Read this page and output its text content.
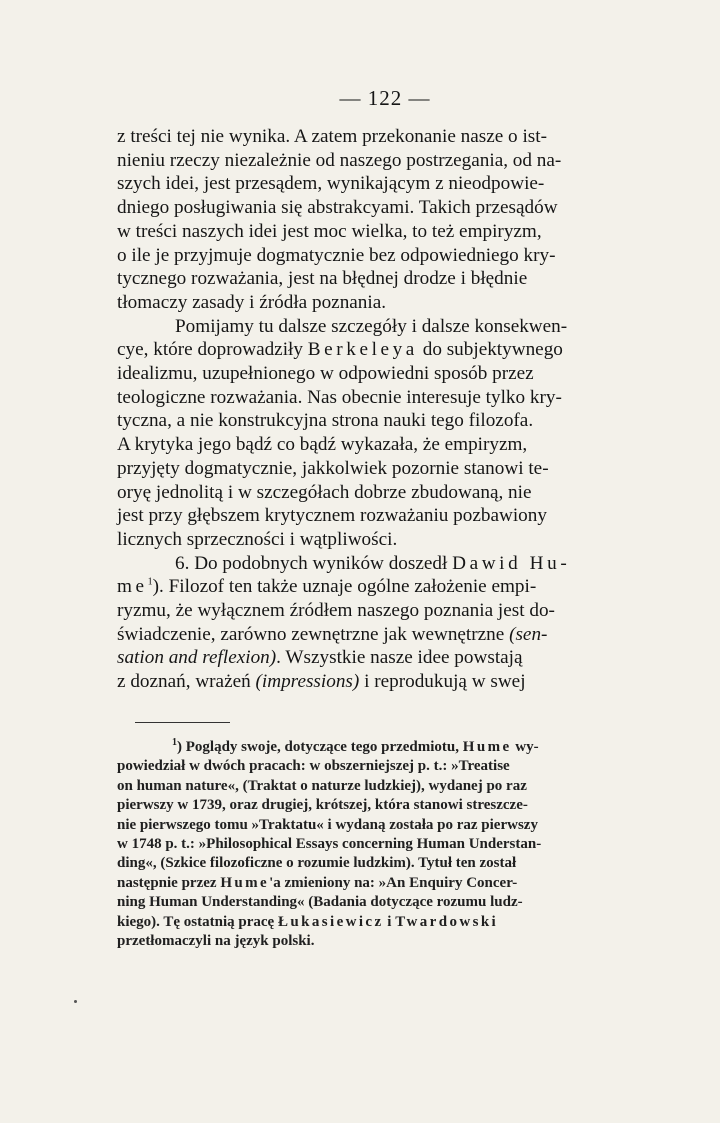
— 122 —
z treści tej nie wynika. A zatem przekonanie nasze o ist-
nieniu rzeczy niezależnie od naszego postrzegania, od na-
szych idei, jest przesądem, wynikającym z nieodpowie-
dniego posługiwania się abstrakcyami. Takich przesądów
w treści naszych idei jest moc wielka, to też empiryzm,
o ile je przyjmuje dogmatycznie bez odpowiedniego kry-
tycznego rozważania, jest na błędnej drodze i błędnie
tłomaczy zasady i źródła poznania.
Pomijamy tu dalsze szczegóły i dalsze konsekwen-
cye, które doprowadziły Berkeleya do subjektywnego
idealizmu, uzupełnionego w odpowiedni sposób przez
teologiczne rozważania. Nas obecnie interesuje tylko kry-
tyczna, a nie konstrukcyjna strona nauki tego filozofa.
A krytyka jego bądź co bądź wykazała, że empiryzm,
przyjęty dogmatycznie, jakkolwiek pozornie stanowi te-
oryę jednolitą i w szczegółach dobrze zbudowaną, nie
jest przy głębszem krytycznem rozważaniu pozbawiony
licznych sprzeczności i wątpliwości.
6. Do podobnych wyników doszedł Dawid Hu-
$me^1$). Filozof ten także uznaje ogólne założenie empi-
ryzmu, że wyłącznem źródłem naszego poznania jest do-
świadczenie, zarówno zewnętrzne jak wewnętrzne (sen-
sation and reflexion). Wszystkie nasze idee powstają
z doznań, wrażeń (impressions) i reprodukują w swej
$^1$) Poglądy swoje, dotyczące tego przedmiotu, Hume wy-
powiedział w dwóch pracach: w obszerniejszej p. t.: »Treatise
on human nature«, (Traktat o naturze ludzkiej), wydanej po raz
pierwszy w 1739, oraz drugiej, krótszej, która stanowi streszcze-
nie pierwszego tomu »Traktatu« i wydaną została po raz pierwszy
w 1748 p. t.: »Philosophical Essays concerning Human Understan-
ding«, (Szkice filozoficzne o rozumie ludzkim). Tytuł ten został
następnie przez Hume'a zmieniony na: »An Enquiry Concer-
ning Human Understanding« (Badania dotyczące rozumu ludz-
kiego). Tę ostatnią pracę Łukasiewicz i Twardowski
przetłomaczyli na język polski.
